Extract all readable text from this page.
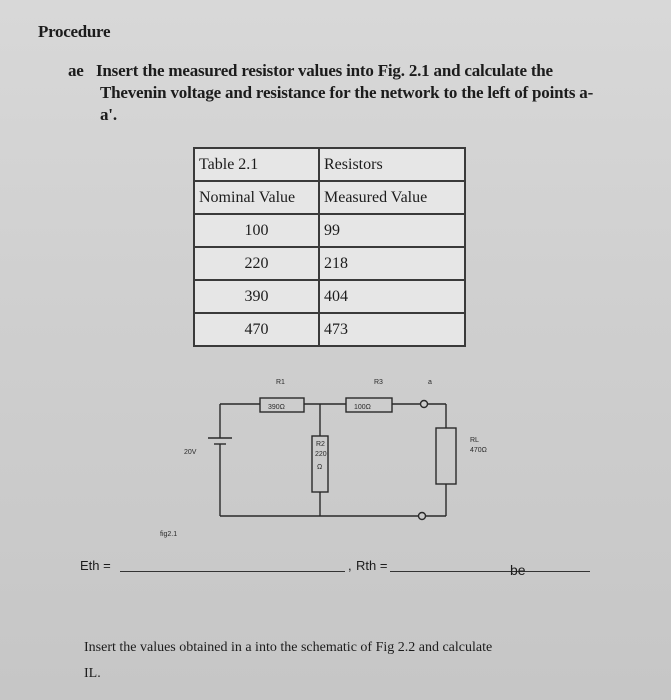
Procedure
ae Insert the measured resistor values into Fig. 2.1 and calculate the
Thevenin voltage and resistance for the network to the left of points a-
a'.
Table 2.1	Resistors
Nominal Value	Measured Value
100	99
220	218
390	404
470	473
R1
390Ω
R3
100Ω
a
R2
220
Ω
RL
470Ω
20V
fig2.1
Eth =	, Rth =	be
Insert the values obtained in a into the schematic of Fig 2.2 and calculate
IL.
